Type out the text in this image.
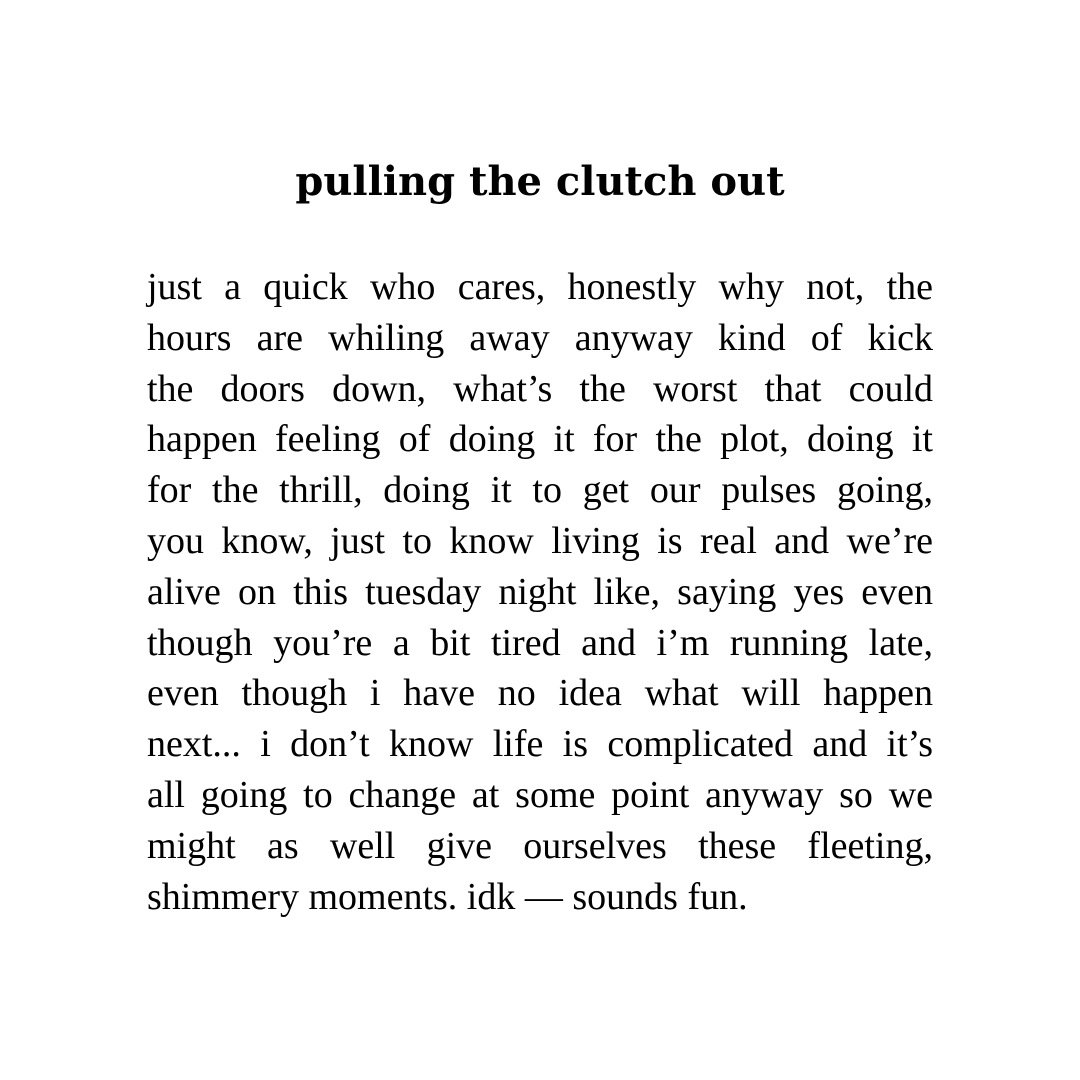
pulling the clutch out
just a quick who cares, honestly why not, the
hours are whiling away anyway kind of kick
the doors down, what’s the worst that could
happen feeling of doing it for the plot, doing it
for the thrill, doing it to get our pulses going,
you know, just to know living is real and we’re
alive on this tuesday night like, saying yes even
though you’re a bit tired and i’m running late,
even though i have no idea what will happen
next... i don’t know life is complicated and it’s
all going to change at some point anyway so we
might as well give ourselves these fleeting,
shimmery moments. idk — sounds fun.
